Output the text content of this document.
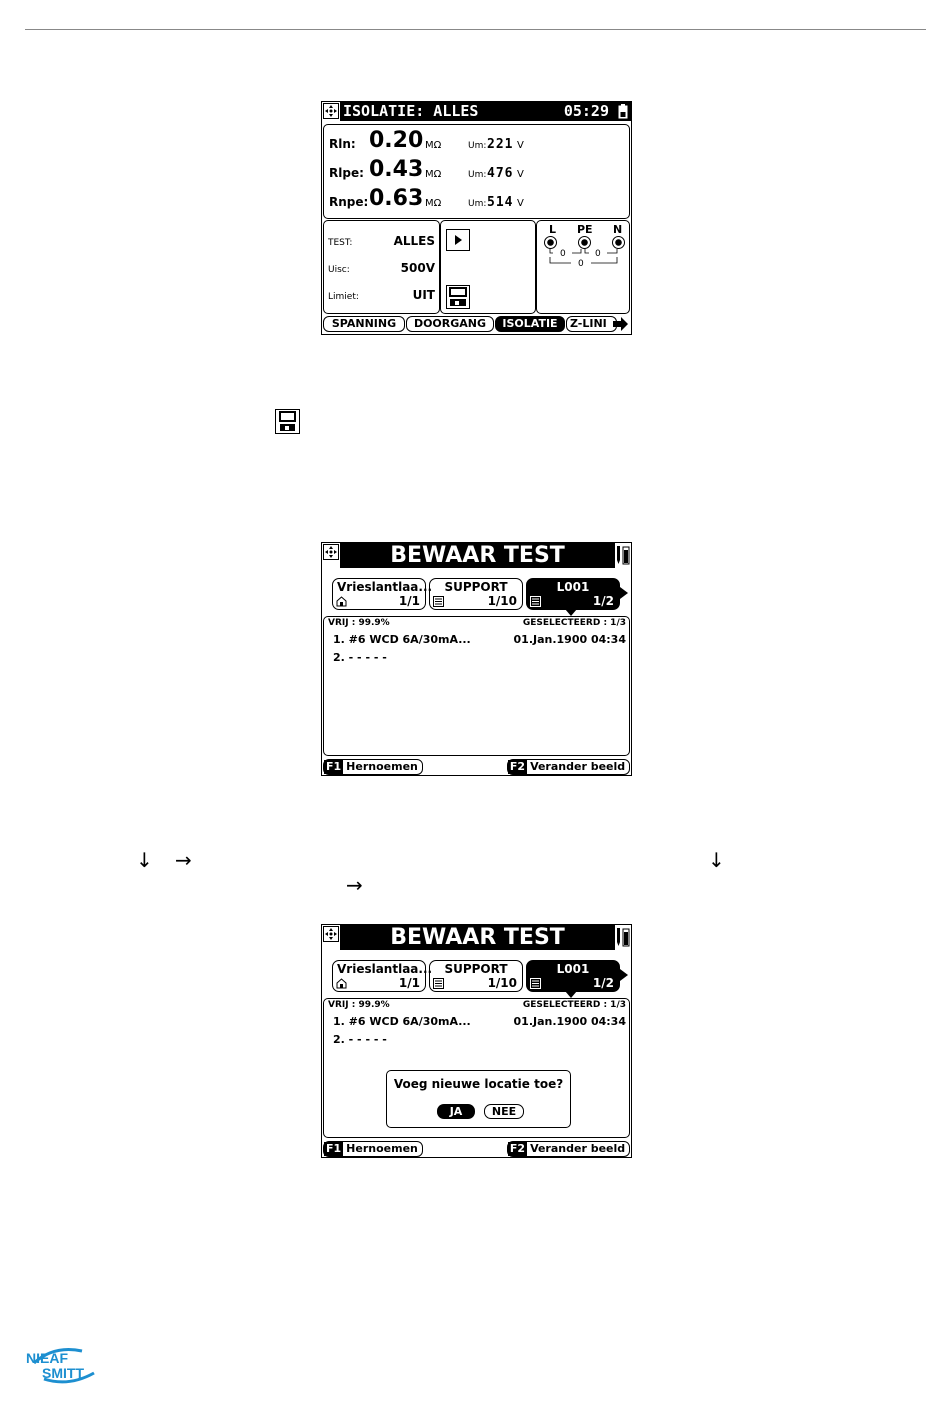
ISOLATIE: ALLES	05:29
Rln: 0.20 MΩ	Um: 221 V
Rlpe: 0.43 MΩ	Um: 476 V
Rnpe: 0.63 MΩ	Um: 514 V
TEST:	ALLES
Uisc:	500V
Limiet:	UIT
L PE N
0	0
0
SPANNING	DOORGANG	ISOLATIE	Z-LINI
BEWAAR TEST
Vrieslantlaa...
1/1
SUPPORT
1/10
L001
1/2
VRIJ : 99.9%	GESELECTEERD : 1/3
1. #6 WCD 6A/30mA...	01.Jan.1900 04:34
2. - - - - -
F1 Hernoemen	F2 Verander beeld
↓ →	↓
→
BEWAAR TEST
Vrieslantlaa...
1/1
SUPPORT
1/10
L001
1/2
VRIJ : 99.9%	GESELECTEERD : 1/3
1. #6 WCD 6A/30mA...	01.Jan.1900 04:34
2. - - - - -
Voeg nieuwe locatie toe?
JA	NEE
F1 Hernoemen	F2 Verander beeld
NIEAF
SMITT
